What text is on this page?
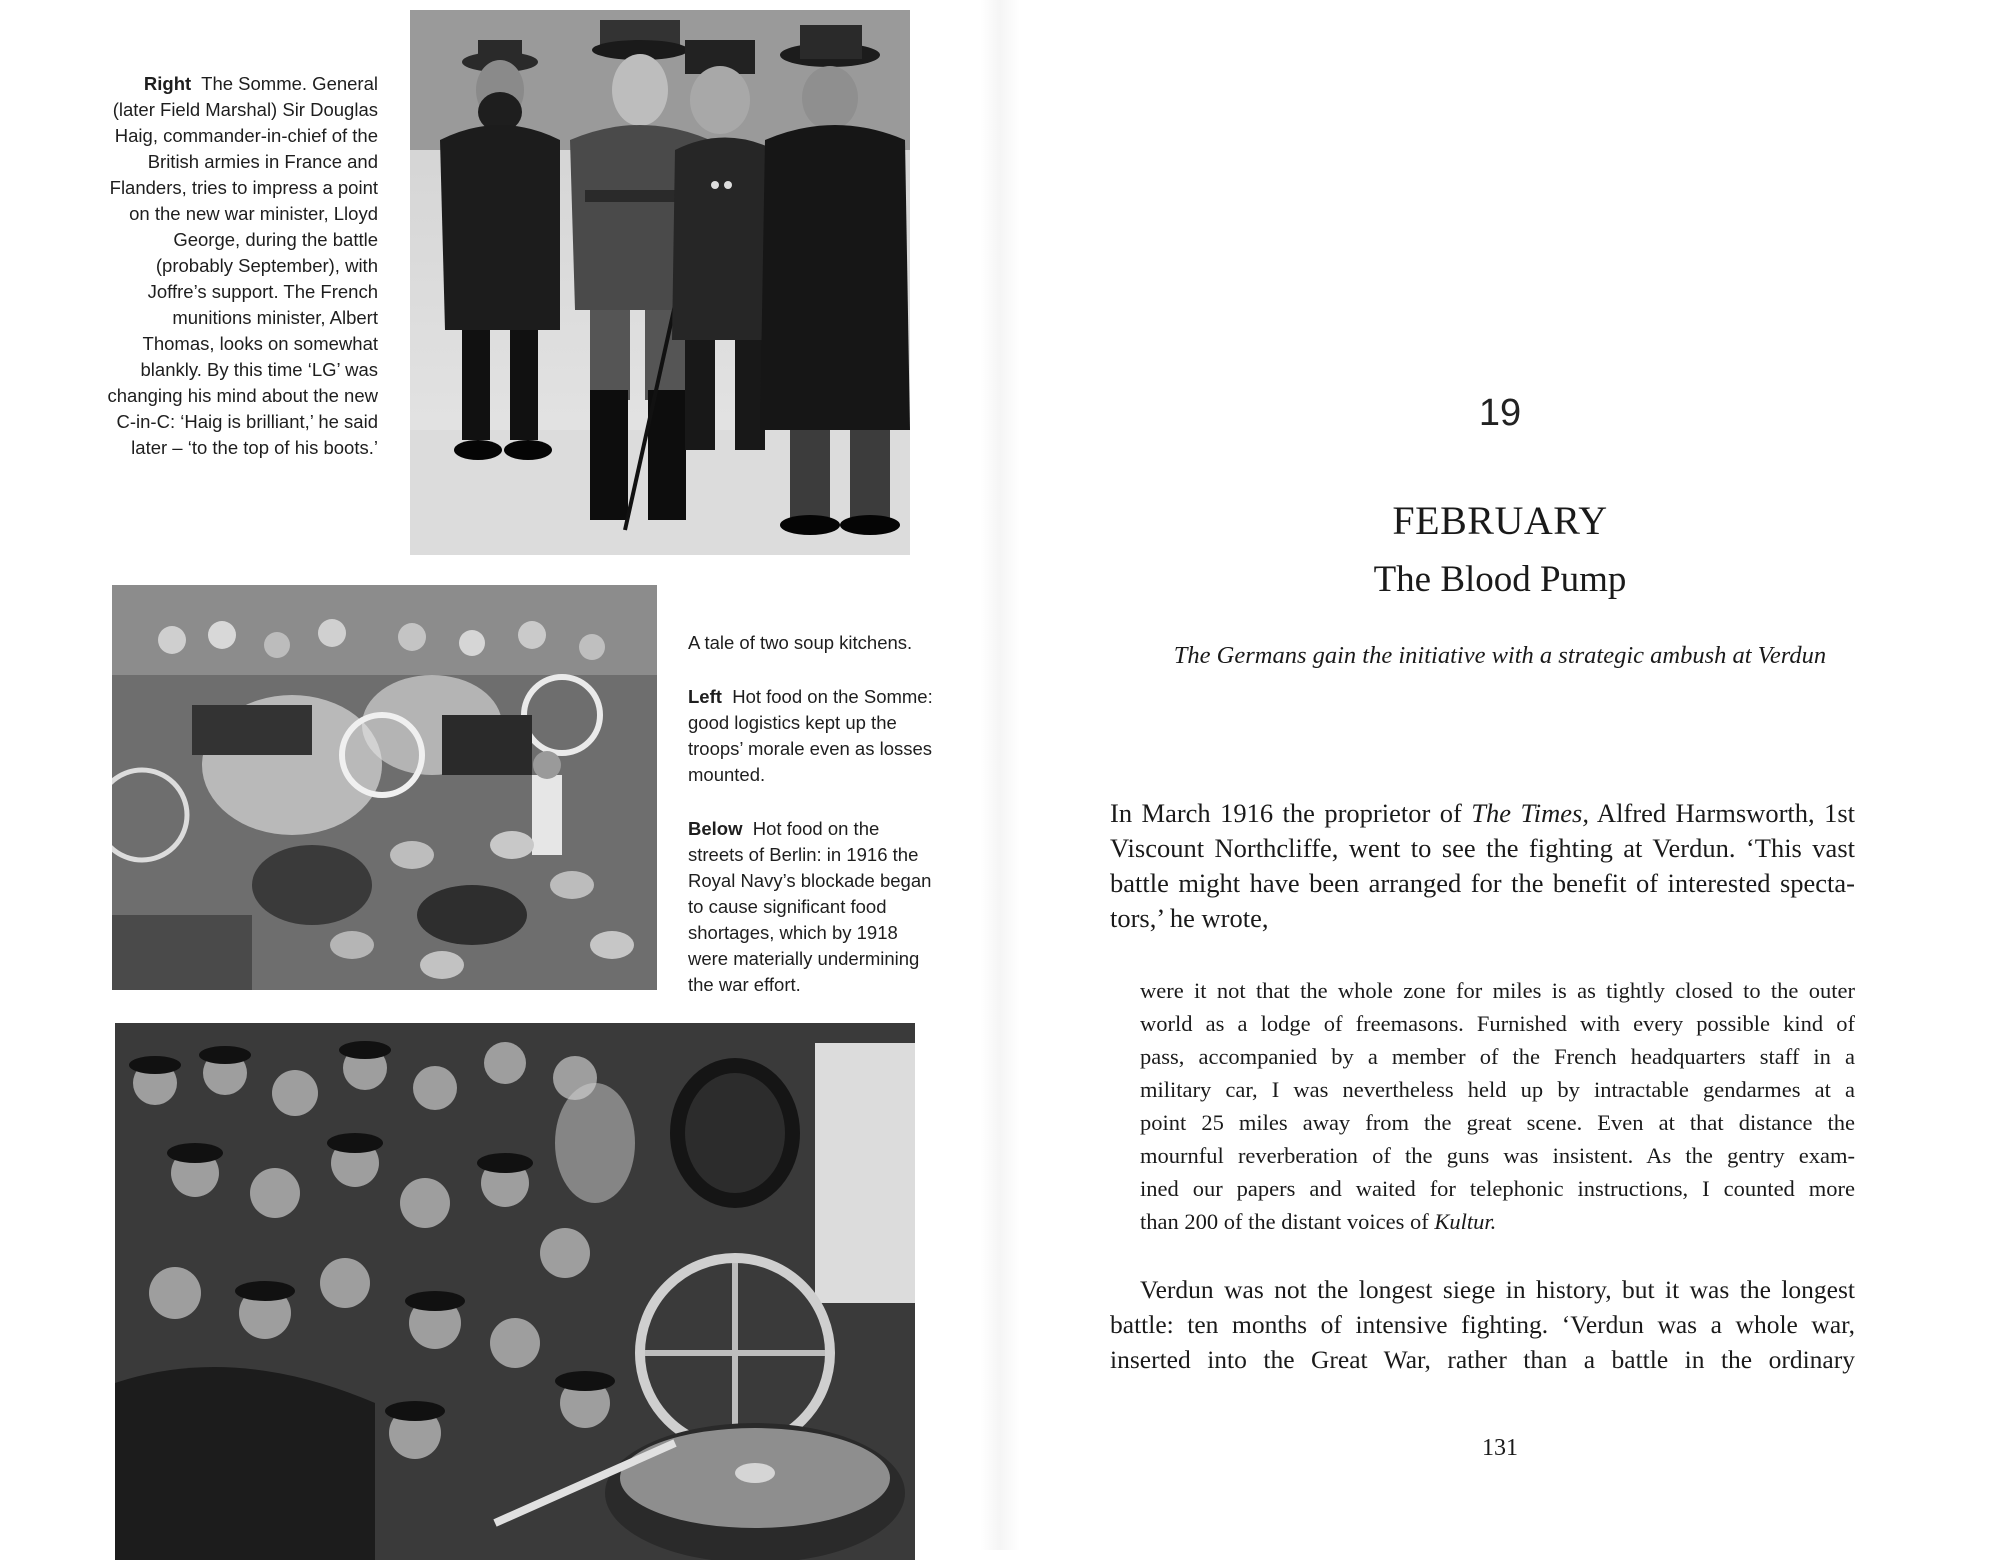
Right The Somme. General (later Field Marshal) Sir Douglas Haig, commander-in-chief of the British armies in France and Flanders, tries to impress a point on the new war minister, Lloyd George, during the battle (probably September), with Joffre’s support. The French munitions minister, Albert Thomas, looks on somewhat blankly. By this time ‘LG’ was changing his mind about the new C-in-C: ‘Haig is brilliant,’ he said later – ‘to the top of his boots.’

A tale of two soup kitchens.

Left Hot food on the Somme: good logistics kept up the troops’ morale even as losses mounted.

Below Hot food on the streets of Berlin: in 1916 the Royal Navy’s blockade began to cause significant food shortages, which by 1918 were materially undermining the war effort.

19
FEBRUARY
The Blood Pump
The Germans gain the initiative with a strategic ambush at Verdun
In March 1916 the proprietor of The Times, Alfred Harmsworth, 1st
Viscount Northcliffe, went to see the fighting at Verdun. ‘This vast
battle might have been arranged for the benefit of interested specta-
tors,’ he wrote,
were it not that the whole zone for miles is as tightly closed to the outer
world as a lodge of freemasons. Furnished with every possible kind of
pass, accompanied by a member of the French headquarters staff in a
military car, I was nevertheless held up by intractable gendarmes at a
point 25 miles away from the great scene. Even at that distance the
mournful reverberation of the guns was insistent. As the gentry exam-
ined our papers and waited for telephonic instructions, I counted more
than 200 of the distant voices of Kultur.
Verdun was not the longest siege in history, but it was the longest
battle: ten months of intensive fighting. ‘Verdun was a whole war,
inserted into the Great War, rather than a battle in the ordinary
131
